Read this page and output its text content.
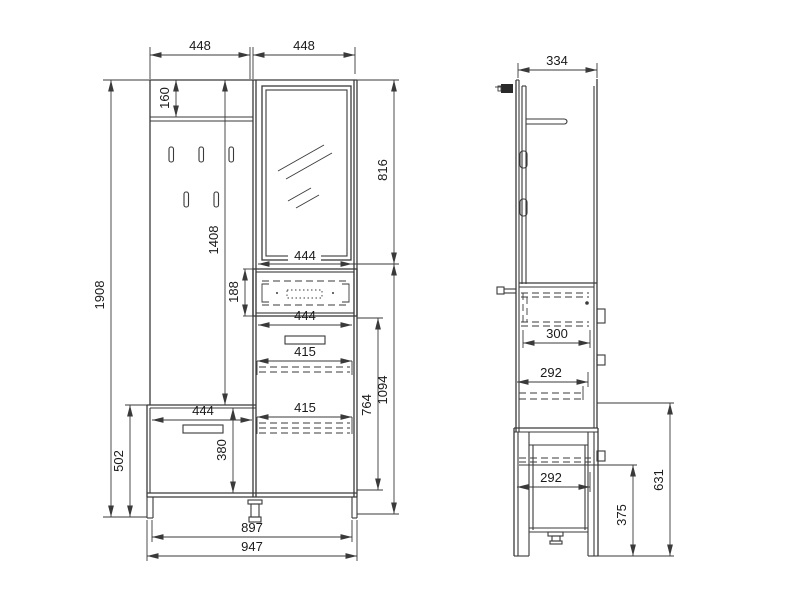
448	448
160
1408
1908
502
380
444
816
444
188
444
415
415	764
1094
897
947
334
300
292
292	631
375
